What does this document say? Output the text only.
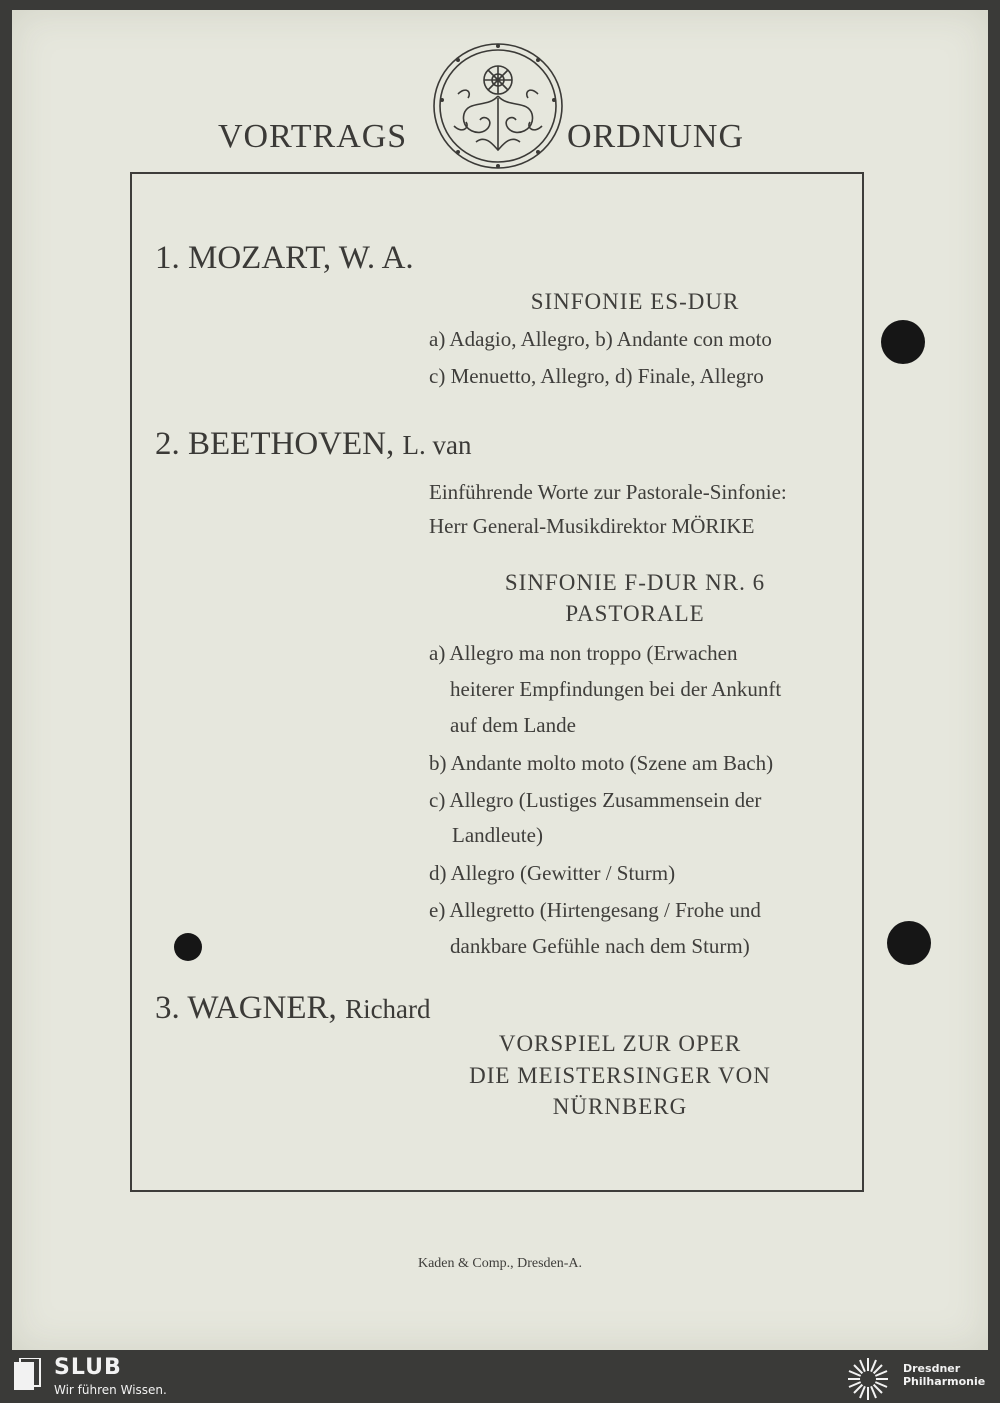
VORTRAGS	ORDNUNG
1. MOZART, W. A.
SINFONIE ES-DUR
a) Adagio, Allegro, b) Andante con moto
c) Menuetto, Allegro, d) Finale, Allegro
2. BEETHOVEN, L. van
Einführende Worte zur Pastorale-Sinfonie:
Herr General-Musikdirektor MÖRIKE
SINFONIE F-DUR NR. 6
PASTORALE
a) Allegro ma non troppo (Erwachen
heiterer Empfindungen bei der Ankunft
auf dem Lande
b) Andante molto moto (Szene am Bach)
c) Allegro (Lustiges Zusammensein der
Landleute)
d) Allegro (Gewitter / Sturm)
e) Allegretto (Hirtengesang / Frohe und
dankbare Gefühle nach dem Sturm)
3. WAGNER, Richard
VORSPIEL ZUR OPER
DIE MEISTERSINGER VON
NÜRNBERG
Kaden & Comp., Dresden-A.
SLUB
Wir führen Wissen.
Dresdner
Philharmonie
